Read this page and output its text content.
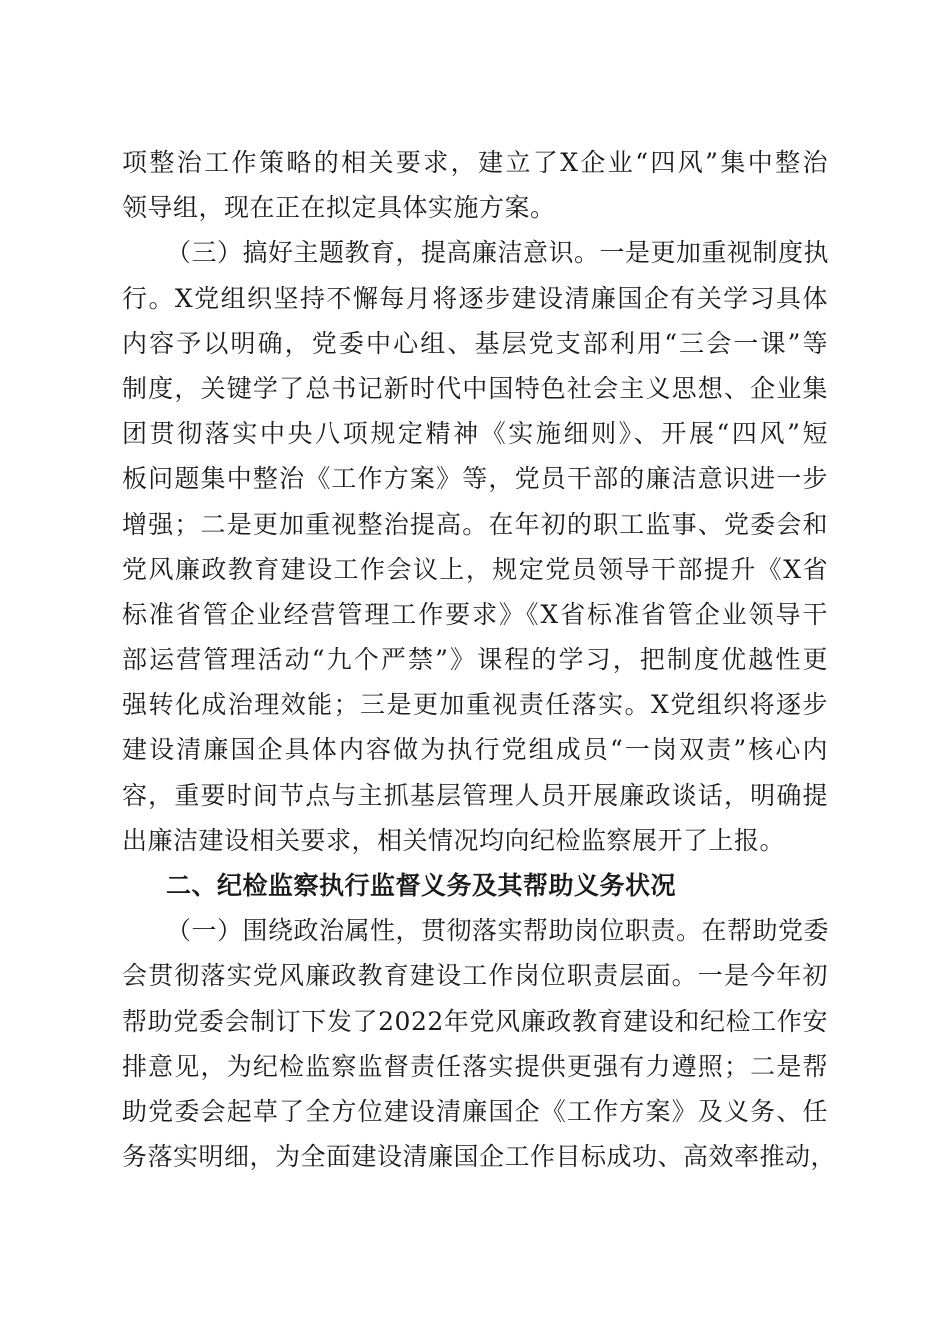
项整治工作策略的相关要求，建立了X企业“四风”集中整治
领导组，现在正在拟定具体实施方案。
（三）搞好主题教育，提高廉洁意识。一是更加重视制度执
行。X党组织坚持不懈每月将逐步建设清廉国企有关学习具体
内容予以明确，党委中心组、基层党支部利用“三会一课”等
制度，关键学了总书记新时代中国特色社会主义思想、企业集
团贯彻落实中央八项规定精神《实施细则》、开展“四风”短
板问题集中整治《工作方案》等，党员干部的廉洁意识进一步
增强；二是更加重视整治提高。在年初的职工监事、党委会和
党风廉政教育建设工作会议上，规定党员领导干部提升《X省
标准省管企业经营管理工作要求》《X省标准省管企业领导干
部运营管理活动“九个严禁”》课程的学习，把制度优越性更
强转化成治理效能；三是更加重视责任落实。X党组织将逐步
建设清廉国企具体内容做为执行党组成员“一岗双责”核心内
容，重要时间节点与主抓基层管理人员开展廉政谈话，明确提
出廉洁建设相关要求，相关情况均向纪检监察展开了上报。
二、纪检监察执行监督义务及其帮助义务状况
（一）围绕政治属性，贯彻落实帮助岗位职责。在帮助党委
会贯彻落实党风廉政教育建设工作岗位职责层面。一是今年初
帮助党委会制订下发了2022年党风廉政教育建设和纪检工作安
排意见，为纪检监察监督责任落实提供更强有力遵照；二是帮
助党委会起草了全方位建设清廉国企《工作方案》及义务、任
务落实明细，为全面建设清廉国企工作目标成功、高效率推动，
